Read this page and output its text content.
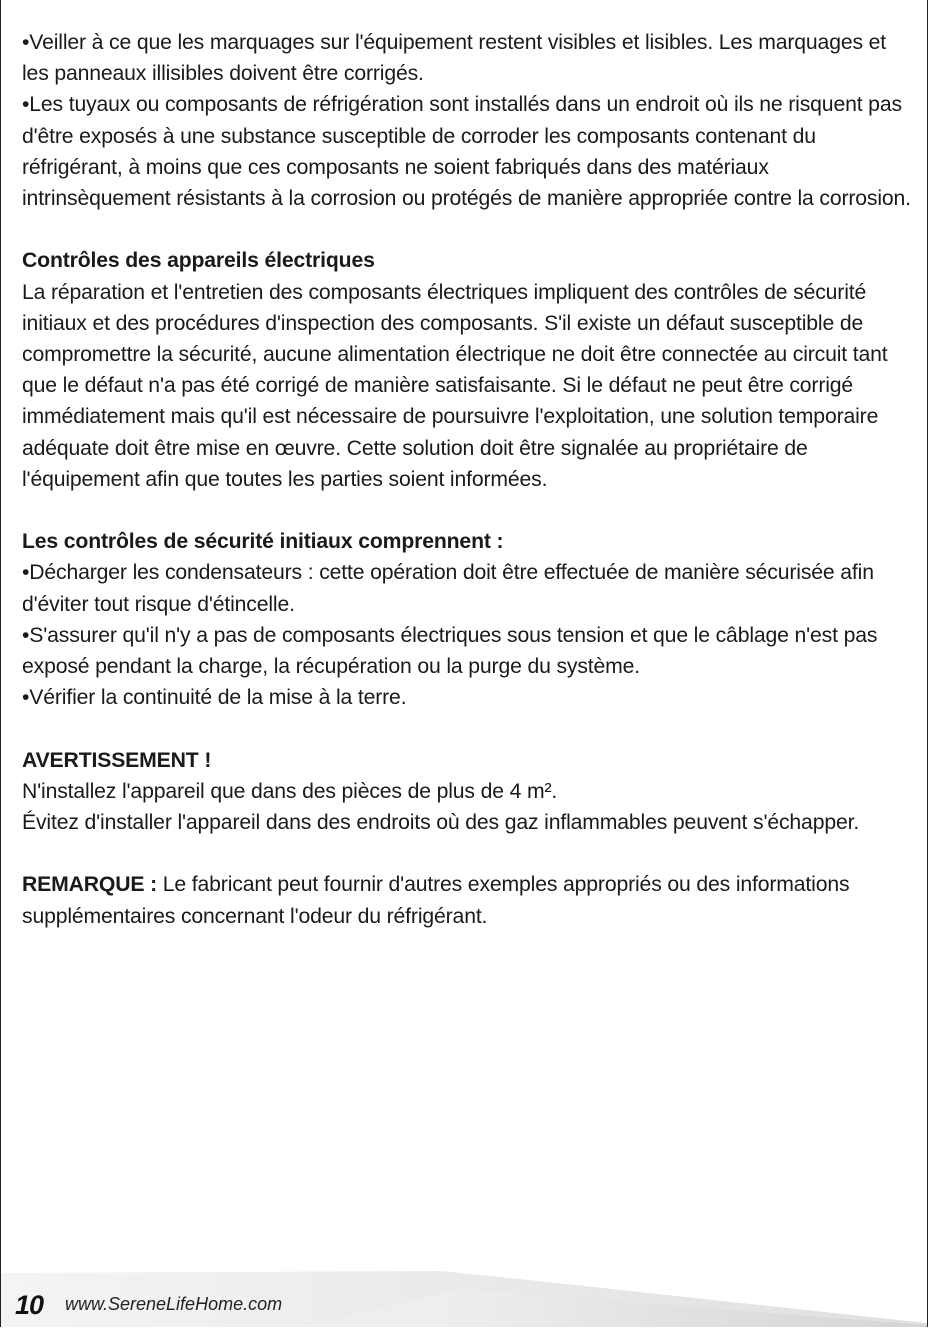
•Veiller à ce que les marquages sur l'équipement restent visibles et lisibles. Les marquages et les panneaux illisibles doivent être corrigés.

•Les tuyaux ou composants de réfrigération sont installés dans un endroit où ils ne risquent pas d'être exposés à une substance susceptible de corroder les composants contenant du réfrigérant, à moins que ces composants ne soient fabriqués dans des matériaux intrinsèquement résistants à la corrosion ou protégés de manière appropriée contre la corrosion.

Contrôles des appareils électriques

La réparation et l'entretien des composants électriques impliquent des contrôles de sécurité initiaux et des procédures d'inspection des composants. S'il existe un défaut susceptible de compromettre la sécurité, aucune alimentation électrique ne doit être connectée au circuit tant que le défaut n'a pas été corrigé de manière satisfaisante. Si le défaut ne peut être corrigé immédiatement mais qu'il est nécessaire de poursuivre l'exploitation, une solution temporaire adéquate doit être mise en œuvre. Cette solution doit être signalée au propriétaire de l'équipement afin que toutes les parties soient informées.

Les contrôles de sécurité initiaux comprennent :

•Décharger les condensateurs : cette opération doit être effectuée de manière sécurisée afin d'éviter tout risque d'étincelle.

•S'assurer qu'il n'y a pas de composants électriques sous tension et que le câblage n'est pas exposé pendant la charge, la récupération ou la purge du système.

•Vérifier la continuité de la mise à la terre.

AVERTISSEMENT !

N'installez l'appareil que dans des pièces de plus de 4 m².

Évitez d'installer l'appareil dans des endroits où des gaz inflammables peuvent s'échapper.

REMARQUE : Le fabricant peut fournir d'autres exemples appropriés ou des informations supplémentaires concernant l'odeur du réfrigérant.

10 www.SereneLifeHome.com
